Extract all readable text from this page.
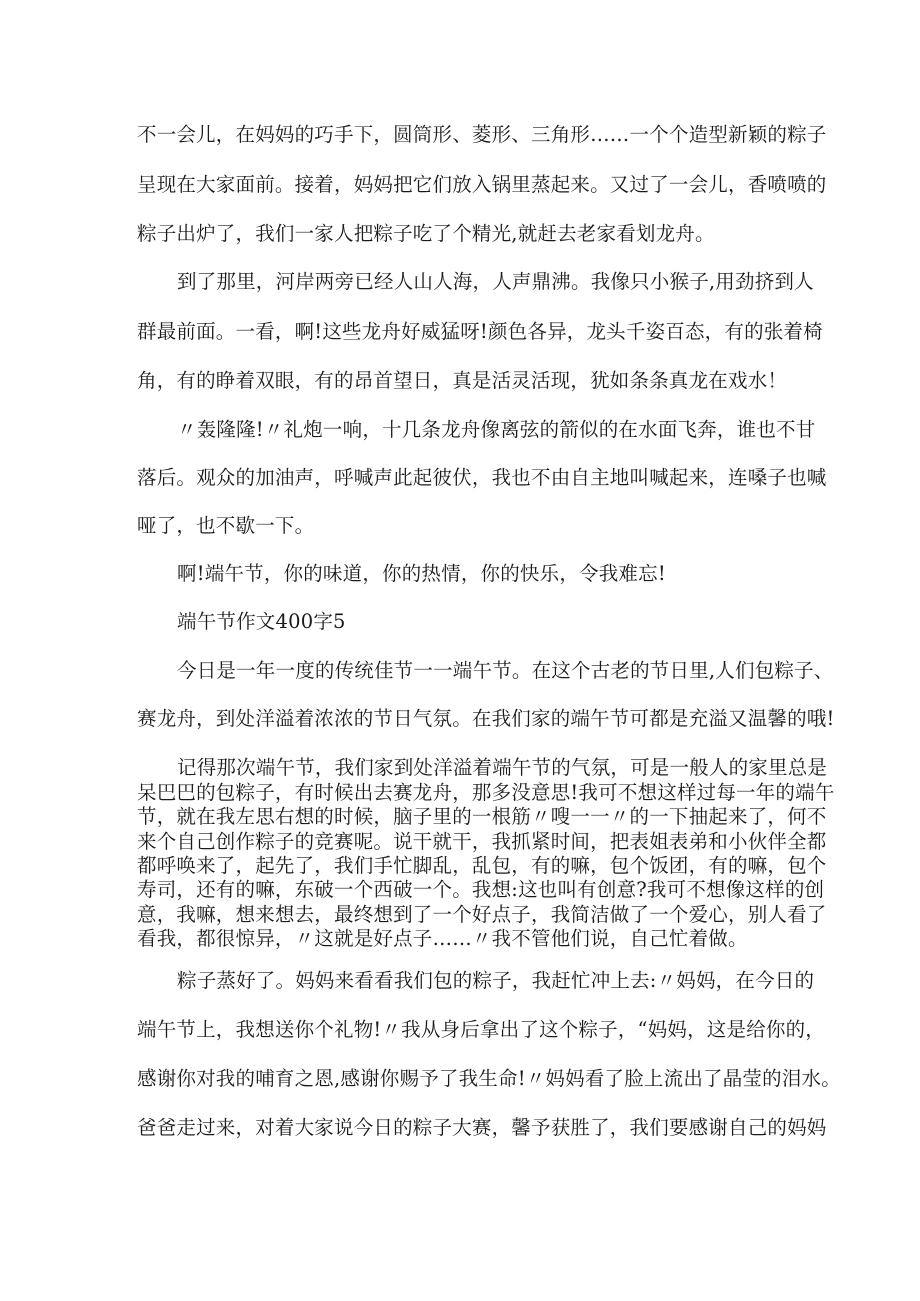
不一会儿，在妈妈的巧手下，圆筒形、菱形、三角形……一个个造型新颖的粽子
呈现在大家面前。接着，妈妈把它们放入锅里蒸起来。又过了一会儿，香喷喷的
粽子出炉了，我们一家人把粽子吃了个精光,就赶去老家看划龙舟。
到了那里，河岸两旁已经人山人海，人声鼎沸。我像只小猴子,用劲挤到人
群最前面。一看，啊!这些龙舟好威猛呀!颜色各异，龙头千姿百态，有的张着椅
角，有的睁着双眼，有的昂首望日，真是活灵活现，犹如条条真龙在戏水！
〃轰隆隆!〃礼炮一响，十几条龙舟像离弦的箭似的在水面飞奔，谁也不甘
落后。观众的加油声，呼喊声此起彼伏，我也不由自主地叫喊起来，连嗓子也喊
哑了，也不歇一下。
啊!端午节，你的味道，你的热情，你的快乐，令我难忘!
端午节作文400字5
今日是一年一度的传统佳节一一端午节。在这个古老的节日里,人们包粽子、
赛龙舟，到处洋溢着浓浓的节日气氛。在我们家的端午节可都是充溢又温馨的哦!
记得那次端午节，我们家到处洋溢着端午节的气氛，可是一般人的家里总是
呆巴巴的包粽子，有时候出去赛龙舟，那多没意思!我可不想这样过每一年的端午
节，就在我左思右想的时候，脑子里的一根筋〃嗖一一〃的一下抽起来了，何不
来个自己创作粽子的竞赛呢。说干就干，我抓紧时间，把表姐表弟和小伙伴全都
都呼唤来了，起先了，我们手忙脚乱，乱包，有的嘛，包个饭团，有的嘛，包个
寿司，还有的嘛，东破一个西破一个。我想:这也叫有创意?我可不想像这样的创
意，我嘛，想来想去，最终想到了一个好点子，我简洁做了一个爱心，别人看了
看我，都很惊异，〃这就是好点子……〃我不管他们说，自己忙着做。
粽子蒸好了。妈妈来看看我们包的粽子，我赶忙冲上去:〃妈妈，在今日的
端午节上，我想送你个礼物!〃我从身后拿出了这个粽子，“妈妈，这是给你的，
感谢你对我的哺育之恩,感谢你赐予了我生命!〃妈妈看了脸上流出了晶莹的泪水。
爸爸走过来，对着大家说今日的粽子大赛，馨予获胜了，我们要感谢自己的妈妈
